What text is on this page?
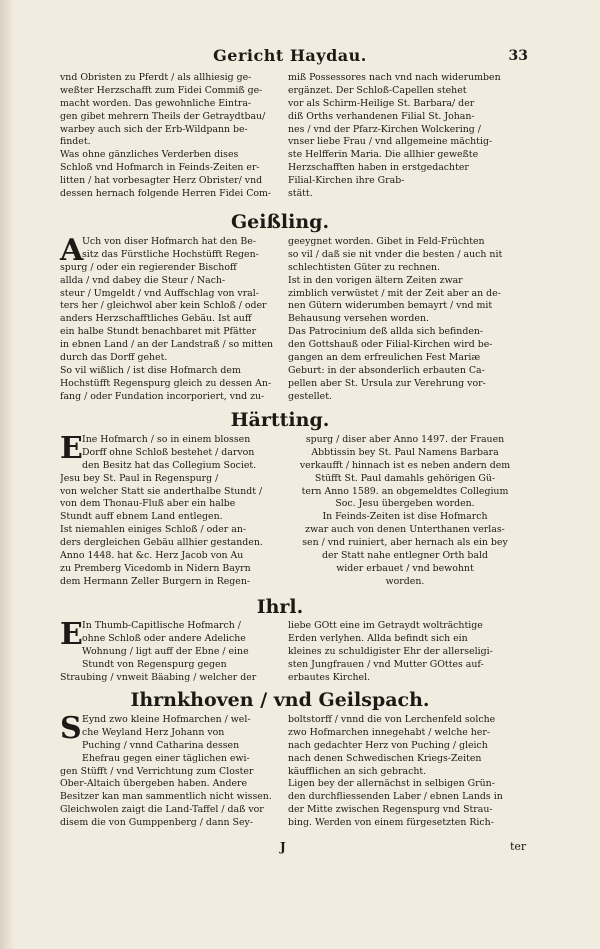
Gericht Haydau.	33
vnd Obristen zu Pferdt / als allhiesig ge-
weßter Herzschafft zum Fidei Commiß ge-
macht worden. Das gewohnliche Eintra-
gen gibet mehrern Theils der Getraydtbau/
warbey auch sich der Erb-Wildpann be-
findet.
Was ohne gänzliches Verderben dises
Schloß vnd Hofmarch in Feinds-Zeiten er-
litten / hat vorbesagter Herz Obrister/ vnd
dessen hernach folgende Herren Fidei Com-
miß Possessores nach vnd nach widerumben
ergänzet. Der Schloß-Capellen stehet
vor als Schirm-Heilige St. Barbara/ der
diß Orths verhandenen Filial St. Johan-
nes / vnd der Pfarz-Kirchen Wolckering /
vnser liebe Frau / vnd allgemeine mächtig-
ste Helfferin Maria. Die allhier geweßte
Herzschafften haben in erstgedachter
Filial-Kirchen ihre Grab-
stätt.
Geißling.
A
Uch von diser Hofmarch hat den Be-
sitz das Fürstliche Hochstüfft Regen-
spurg / oder ein regierender Bischoff
allda / vnd dabey die Steur / Nach-
steur / Umgeldt / vnd Auffschlag von vral-
ters her / gleichwol aber kein Schloß / oder
anders Herzschafftliches Gebäu. Ist auff
ein halbe Stundt benachbaret mit Pfätter
in ebnen Land / an der Landstraß / so mitten
durch das Dorff gehet.
So vil wißlich / ist dise Hofmarch dem
Hochstüfft Regenspurg gleich zu dessen An-
fang / oder Fundation incorporiert, vnd zu-
geeygnet worden. Gibet in Feld-Früchten
so vil / daß sie nit vnder die besten / auch nit
schlechtisten Güter zu rechnen.
Ist in den vorigen ältern Zeiten zwar
zimblich verwüstet / mit der Zeit aber an de-
nen Gütern widerumben bemayrt / vnd mit
Behausung versehen worden.
Das Patrocinium deß allda sich befinden-
den Gottshauß oder Filial-Kirchen wird be-
gangen an dem erfreulichen Fest Mariæ
Geburt: in der absonderlich erbauten Ca-
pellen aber St. Ursula zur Verehrung vor-
gestellet.
Härtting.
E Ine Hofmarch / so in einem blossen
Dorff ohne Schloß bestehet / darvon
den Besitz hat das Collegium Societ.
Jesu bey St. Paul in Regenspurg /
von welcher Statt sie anderthalbe Stundt /
von dem Thonau-Fluß aber ein halbe
Stundt auff ebnem Land entlegen.
Ist niemahlen einiges Schloß / oder an-
ders dergleichen Gebäu allhier gestanden.
Anno 1448. hat &c. Herz Jacob von Au
zu Premberg Vicedomb in Nidern Bayrn
dem Hermann Zeller Burgern in Regen-
spurg / diser aber Anno 1497. der Frauen
Abbtissin bey St. Paul Namens Barbara
verkaufft / hinnach ist es neben andern dem
Stüfft St. Paul damahls gehörigen Gü-
tern Anno 1589. an obgemeldtes Collegium
Soc. Jesu übergeben worden.
In Feinds-Zeiten ist dise Hofmarch
zwar auch von denen Unterthanen verlas-
sen / vnd ruiniert, aber hernach als ein bey
der Statt nahe entlegner Orth bald
wider erbauet / vnd bewohnt
worden.
Ihrl.
E In Thumb-Capitlische Hofmarch /
ohne Schloß oder andere Adeliche
Wohnung / ligt auff der Ebne / eine
Stundt von Regenspurg gegen
Straubing / vnweit Bäabing / welcher der
liebe GOtt eine im Getraydt wolträchtige
Erden verlyhen. Allda befindt sich ein
kleines zu schuldigister Ehr der allerseligi-
sten Jungfrauen / vnd Mutter GOttes auf-
erbautes Kirchel.
Ihrnkhoven / vnd Geilspach.
S Eynd zwo kleine Hofmarchen / wel-
che Weyland Herz Johann von
Puching / vnnd Catharina dessen
Ehefrau gegen einer täglichen ewi-
gen Stüfft / vnd Verrichtung zum Closter
Ober-Altaich übergeben haben. Andere
Besitzer kan man sammentlich nicht wissen.
Gleichwolen zaigt die Land-Taffel / daß vor
disem die von Gumppenberg / dann Sey-
boltstorff / vnnd die von Lerchenfeld solche
zwo Hofmarchen innegehabt / welche her-
nach gedachter Herz von Puching / gleich
nach denen Schwedischen Kriegs-Zeiten
käufflichen an sich gebracht.
Ligen bey der allernächst in selbigen Grün-
den durchfliessenden Laber / ebnen Lands in
der Mitte zwischen Regenspurg vnd Strau-
bing. Werden von einem fürgesetzten Rich-
J	ter
